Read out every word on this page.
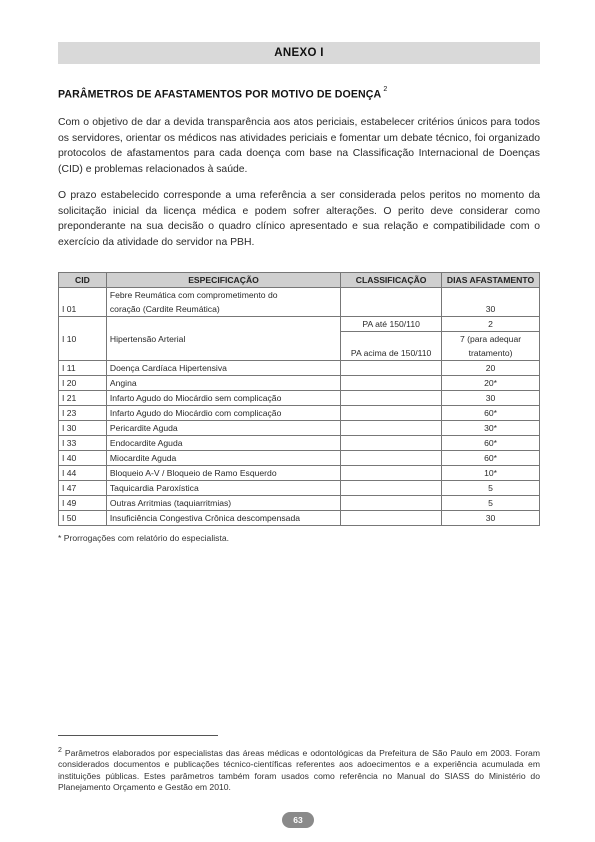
ANEXO I
PARÂMETROS DE AFASTAMENTOS POR MOTIVO DE DOENÇA $^2$
Com o objetivo de dar a devida transparência aos atos periciais, estabelecer critérios únicos para todos os servidores, orientar os médicos nas atividades periciais e fomentar um debate técnico, foi organizado protocolos de afastamentos para cada doença com base na Classificação Internacional de Doenças (CID) e problemas relacionados à saúde.
O prazo estabelecido corresponde a uma referência a ser considerada pelos peritos no momento da solicitação inicial da licença médica e podem sofrer alterações. O perito deve considerar como preponderante na sua decisão o quadro clínico apresentado e sua relação e compatibilidade com o exercício da atividade do servidor na PBH.
CID	ESPECIFICAÇÃO	CLASSIFICAÇÃO	DIAS AFASTAMENTO
I 01	Febre Reumática com comprometimento do
coração (Cardite Reumática)		30
I 10	Hipertensão Arterial	PA até 150/110	2
		PA acima de 150/110	7 (para adequar
tratamento)

I 11	Doença Cardíaca Hipertensiva		20
I 20	Angina		20*
I 21	Infarto Agudo do Miocárdio sem complicação		30
I 23	Infarto Agudo do Miocárdio com complicação		60*
I 30	Pericardite Aguda		30*
I 33	Endocardite Aguda		60*
I 40	Miocardite Aguda		60*
I 44	Bloqueio A-V / Bloqueio de Ramo Esquerdo		10*
I 47	Taquicardia Paroxística		5
I 49	Outras Arritmias (taquiarritmias)		5
I 50	Insuficiência Congestiva Crônica descompensada		30
* Prorrogações com relatório do especialista.
$^2$ Parâmetros elaborados por especialistas das áreas médicas e odontológicas da Prefeitura de São Paulo em 2003. Foram considerados documentos e publicações técnico-científicas referentes aos adoecimentos e a experiência acumulada em instituições públicas. Estes parâmetros também foram usados como referência no Manual do SIASS do Ministério do Planejamento Orçamento e Gestão em 2010.
63
